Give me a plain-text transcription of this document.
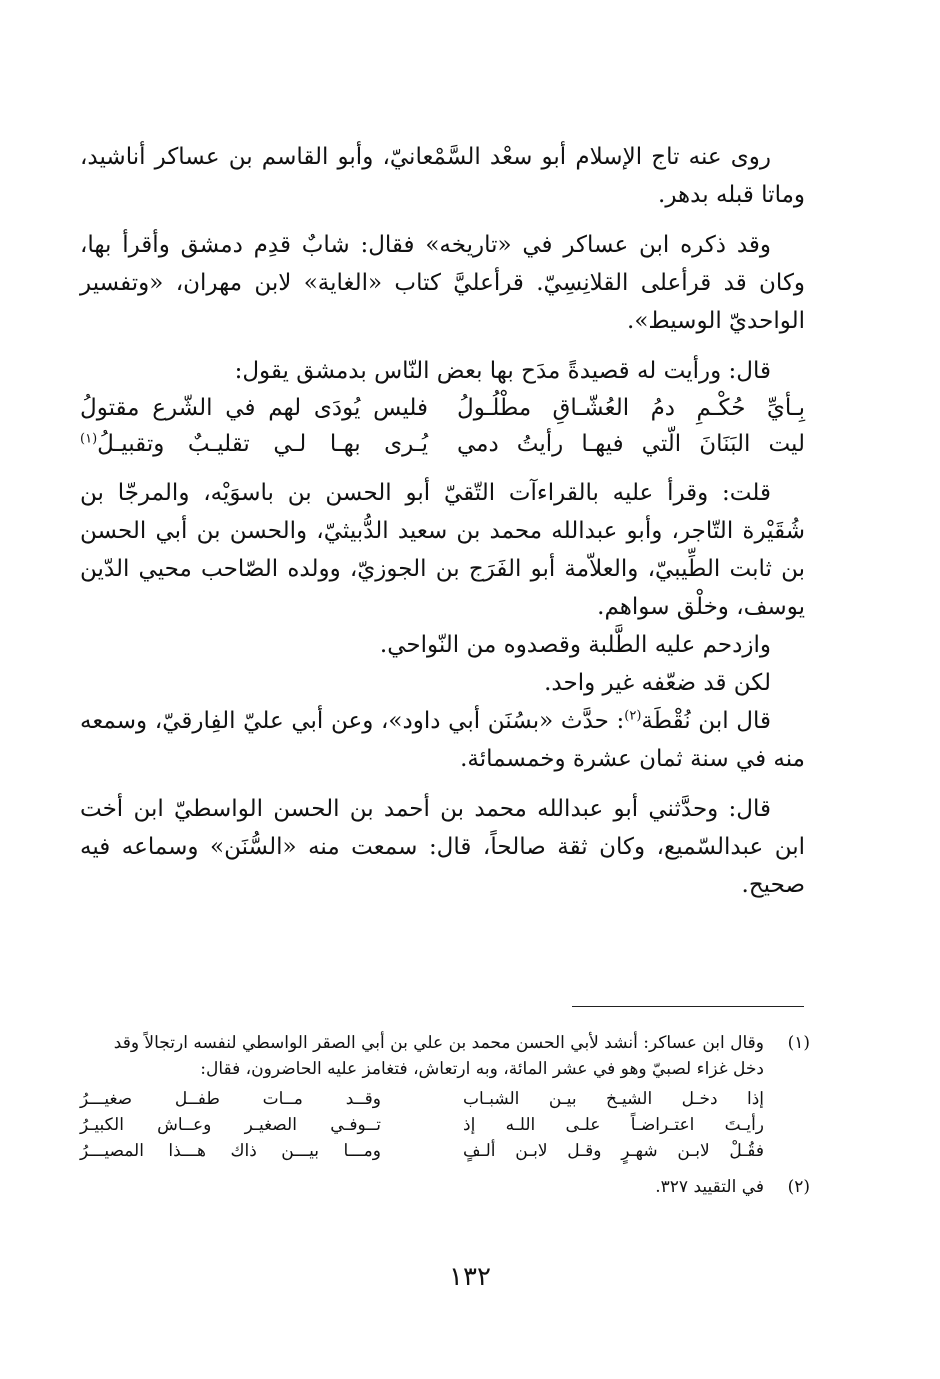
روى عنه تاج الإسلام أبو سعْد السَّمْعانيّ، وأبو القاسم بن عساكر أناشيد، وماتا قبله بدهر.

وقد ذكره ابن عساكر في «تاريخه» فقال: شابٌ قدِم دمشق وأقرأ بها، وكان قد قرأعلى القلانِسِيّ. قرأعليَّ كتاب «الغاية» لابن مهران، «وتفسير الواحديّ الوسيط».

قال: ورأيت له قصيدةً مدَح بها بعض النّاس بدمشق يقول:

بِـأيِّ حُكْـمِ دمُ العُشّـاقِ مطْلُـولُ
فليس يُودَى لهم في الشّرع مقتولُ
ليت البَنَانَ الّتي فيهـا رأيتُ دمي
يُـرى بهـا لـي تقليـبٌ وتقبيـلُ$^{(١)}$

قلت: وقرأ عليه بالقراءآت التّقيّ أبو الحسن بن باسوَيْه، والمرجّا بن شُقَيْرة التّاجر، وأبو عبدالله محمد بن سعيد الدُّبيثيّ، والحسن بن أبي الحسن بن ثابت الطِّيبيّ، والعلاّمة أبو الفَرَج بن الجوزيّ، وولده الصّاحب محيي الدّين يوسف، وخلْق سواهم.

وازدحم عليه الطَّلبة وقصدوه من النّواحي.

لكن قد ضعّفه غير واحد.

قال ابن نُقْطَة$^{(٢)}$: حدَّث «بسُنَن أبي داود»، وعن أبي عليّ الفِارقيّ، وسمعه منه في سنة ثمان عشرة وخمسمائة.

قال: وحدَّثني أبو عبدالله محمد بن أحمد بن الحسن الواسطيّ ابن أخت ابن عبدالسّميع، وكان ثقة صالحاً، قال: سمعت منه «السُّنَن» وسماعه فيه صحيح.

(١)
وقال ابن عساكر: أنشد لأبي الحسن محمد بن علي بن أبي الصقر الواسطي لنفسه ارتجالاً وقد دخل غزاء لصبيّ وهو في عشر المائة، وبه ارتعاش، فتغامز عليه الحاضرون، فقال:
إذا دخـل الشيـخ بيـن الشبـاب
رأيـتَ اعتـراضـاً علـى اللـه إذ
فقُـلْ لابـن شهـرٍ وقـل لابـن ألـفٍ
وقــد مــات طفــل صغيـــرُ
تــوفـي الصغيـر وعــاش الكبيـرُ
ومـــا بيـــن ذاك هـــذا المصيـــرُ
(٢)
في التقييد ٣٢٧.
١٣٢
